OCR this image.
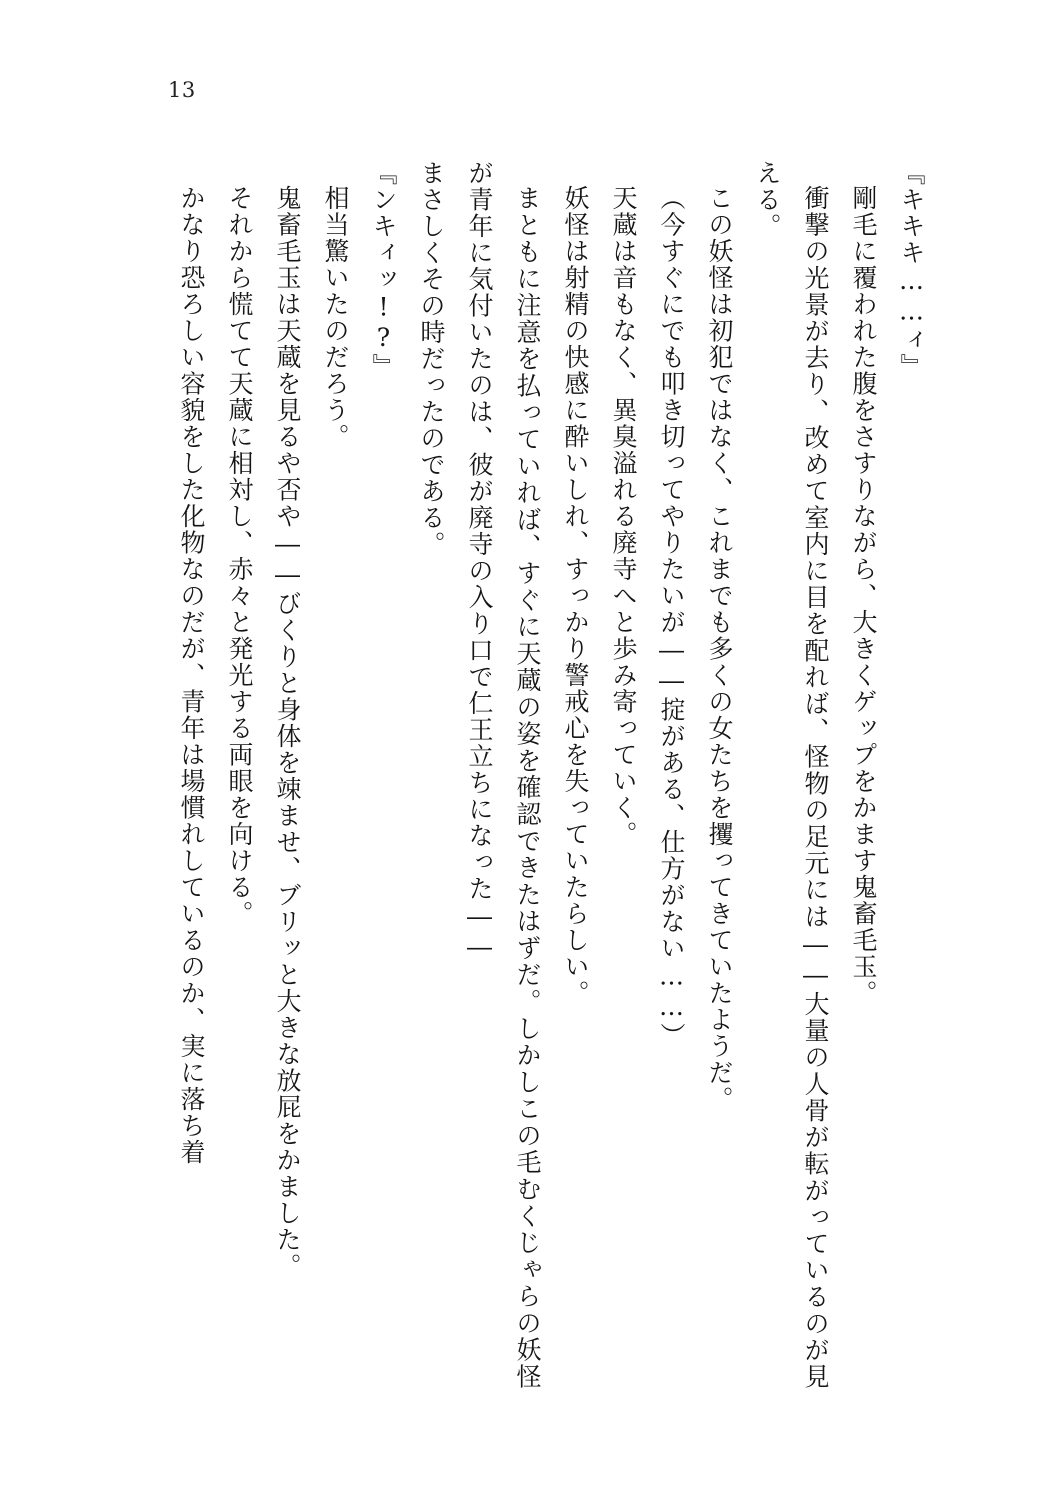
13

『キキキ……ィ』

剛毛に覆われた腹をさすりながら、大きくゲップをかます鬼畜毛玉。

衝撃の光景が去り、改めて室内に目を配れば、怪物の足元には――大量の人骨が転がっているのが見える。

この妖怪は初犯ではなく、これまでも多くの女たちを攫ってきていたようだ。

（今すぐにでも叩き切ってやりたいが――掟がある、仕方がない……）

天蔵は音もなく、異臭溢れる廃寺へと歩み寄っていく。

妖怪は射精の快感に酔いしれ、すっかり警戒心を失っていたらしい。

まともに注意を払っていれば、すぐに天蔵の姿を確認できたはずだ。しかしこの毛むくじゃらの妖怪が青年に気付いたのは、彼が廃寺の入り口で仁王立ちになった――

まさしくその時だったのである。

『ンキィッ!?』

相当驚いたのだろう。

鬼畜毛玉は天蔵を見るや否や――びくりと身体を竦ませ、ブリッと大きな放屁をかました。

それから慌てて天蔵に相対し、赤々と発光する両眼を向ける。

かなり恐ろしい容貌をした化物なのだが、青年は場慣れしているのか、実に落ち着
